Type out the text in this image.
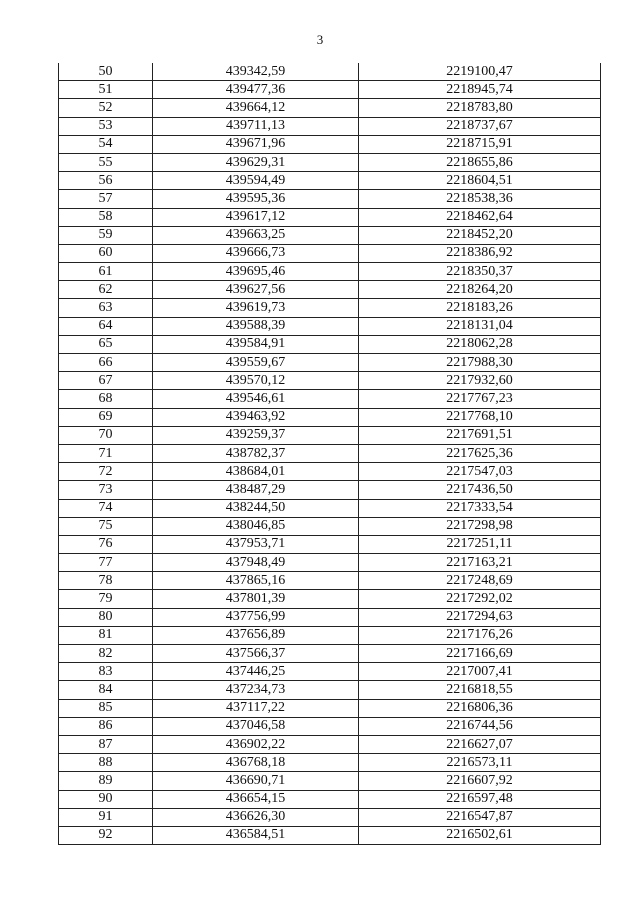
3
50	439342,59	2219100,47
51	439477,36	2218945,74
52	439664,12	2218783,80
53	439711,13	2218737,67
54	439671,96	2218715,91
55	439629,31	2218655,86
56	439594,49	2218604,51
57	439595,36	2218538,36
58	439617,12	2218462,64
59	439663,25	2218452,20
60	439666,73	2218386,92
61	439695,46	2218350,37
62	439627,56	2218264,20
63	439619,73	2218183,26
64	439588,39	2218131,04
65	439584,91	2218062,28
66	439559,67	2217988,30
67	439570,12	2217932,60
68	439546,61	2217767,23
69	439463,92	2217768,10
70	439259,37	2217691,51
71	438782,37	2217625,36
72	438684,01	2217547,03
73	438487,29	2217436,50
74	438244,50	2217333,54
75	438046,85	2217298,98
76	437953,71	2217251,11
77	437948,49	2217163,21
78	437865,16	2217248,69
79	437801,39	2217292,02
80	437756,99	2217294,63
81	437656,89	2217176,26
82	437566,37	2217166,69
83	437446,25	2217007,41
84	437234,73	2216818,55
85	437117,22	2216806,36
86	437046,58	2216744,56
87	436902,22	2216627,07
88	436768,18	2216573,11
89	436690,71	2216607,92
90	436654,15	2216597,48
91	436626,30	2216547,87
92	436584,51	2216502,61
